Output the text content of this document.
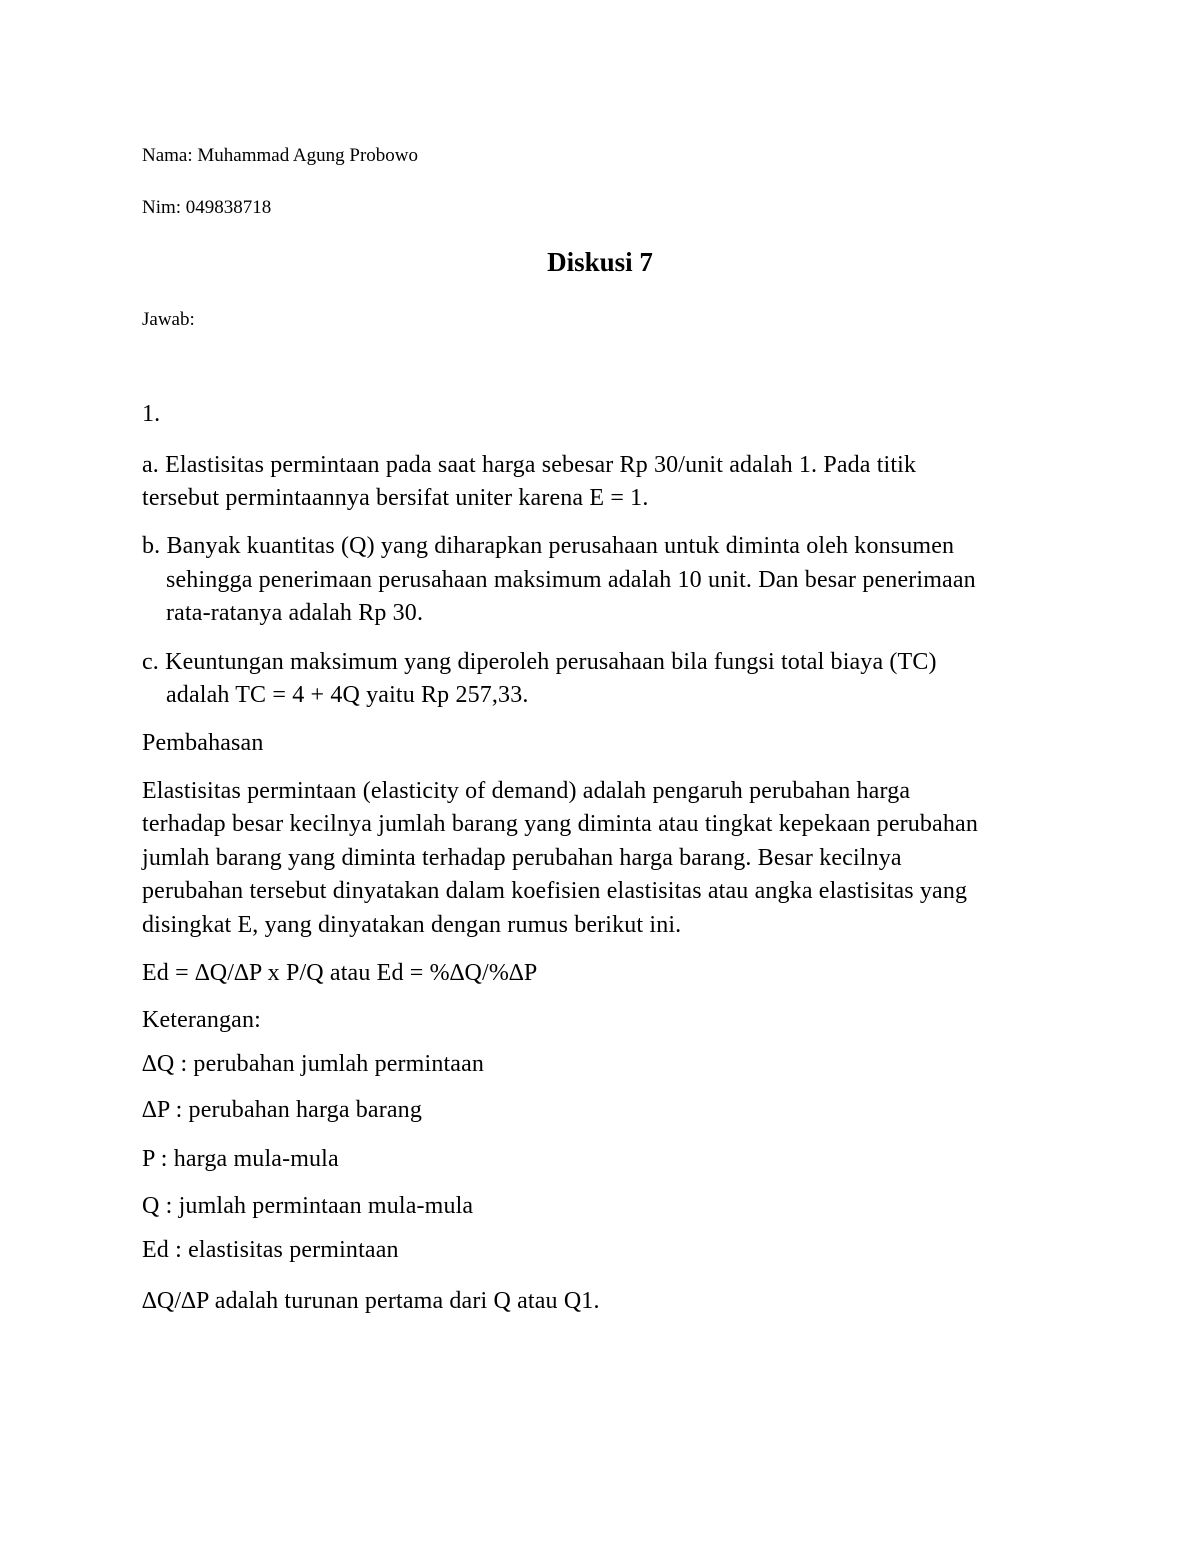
Nama: Muhammad Agung Probowo
Nim: 049838718
Diskusi 7
Jawab:
1.
a. Elastisitas permintaan pada saat harga sebesar Rp 30/unit adalah 1. Pada titik
tersebut permintaannya bersifat uniter karena E = 1.
b. Banyak kuantitas (Q) yang diharapkan perusahaan untuk diminta oleh konsumen
sehingga penerimaan perusahaan maksimum adalah 10 unit. Dan besar penerimaan
rata-ratanya adalah Rp 30.
c. Keuntungan maksimum yang diperoleh perusahaan bila fungsi total biaya (TC)
adalah TC = 4 + 4Q yaitu Rp 257,33.
Pembahasan
Elastisitas permintaan (elasticity of demand) adalah pengaruh perubahan harga
terhadap besar kecilnya jumlah barang yang diminta atau tingkat kepekaan perubahan
jumlah barang yang diminta terhadap perubahan harga barang. Besar kecilnya
perubahan tersebut dinyatakan dalam koefisien elastisitas atau angka elastisitas yang
disingkat E, yang dinyatakan dengan rumus berikut ini.
Ed = ∆Q/∆P x P/Q atau Ed = %∆Q/%∆P
Keterangan:
∆Q : perubahan jumlah permintaan
∆P : perubahan harga barang
P : harga mula-mula
Q : jumlah permintaan mula-mula
Ed : elastisitas permintaan
∆Q/∆P adalah turunan pertama dari Q atau Q1.
